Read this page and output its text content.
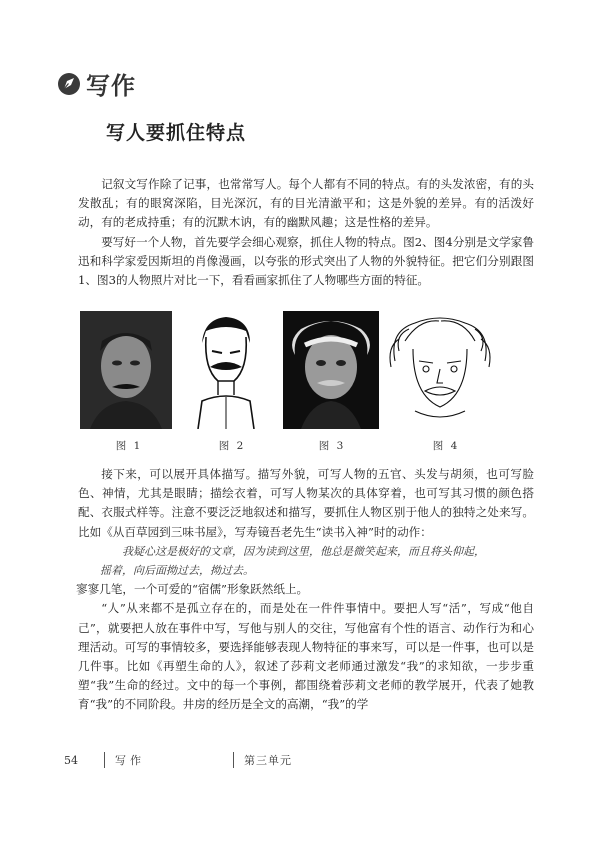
写作
写人要抓住特点

记叙文写作除了记事，也常常写人。每个人都有不同的特点。有的头发浓密，有的头发散乱；有的眼窝深陷，目光深沉，有的目光清澈平和；这是外貌的差异。有的活泼好动，有的老成持重；有的沉默木讷，有的幽默风趣；这是性格的差异。

要写好一个人物，首先要学会细心观察，抓住人物的特点。图2、图4分别是文学家鲁迅和科学家爱因斯坦的肖像漫画，以夸张的形式突出了人物的外貌特征。把它们分别跟图1、图3的人物照片对比一下，看看画家抓住了人物哪些方面的特征。

图 1	图 2	图 3	图 4

接下来，可以展开具体描写。描写外貌，可写人物的五官、头发与胡须，也可写脸色、神情，尤其是眼睛；描绘衣着，可写人物某次的具体穿着，也可写其习惯的颜色搭配、衣服式样等。注意不要泛泛地叙述和描写，要抓住人物区别于他人的独特之处来写。比如《从百草园到三味书屋》，写寿镜吾老先生“读书入神”时的动作：

我疑心这是极好的文章，因为读到这里，他总是微笑起来，而且将头仰起，

摇着，向后面拗过去，拗过去。

寥寥几笔，一个可爱的“宿儒”形象跃然纸上。

“人”从来都不是孤立存在的，而是处在一件件事情中。要把人写“活”，写成“他自己”，就要把人放在事件中写，写他与别人的交往，写他富有个性的语言、动作行为和心理活动。可写的事情较多，要选择能够表现人物特征的事来写，可以是一件事，也可以是几件事。比如《再塑生命的人》，叙述了莎莉文老师通过激发“我”的求知欲，一步步重塑“我”生命的经过。文中的每一个事例，都围绕着莎莉文老师的教学展开，代表了她教育“我”的不同阶段。井房的经历是全文的高潮，“我”的学

54	写作	第三单元
